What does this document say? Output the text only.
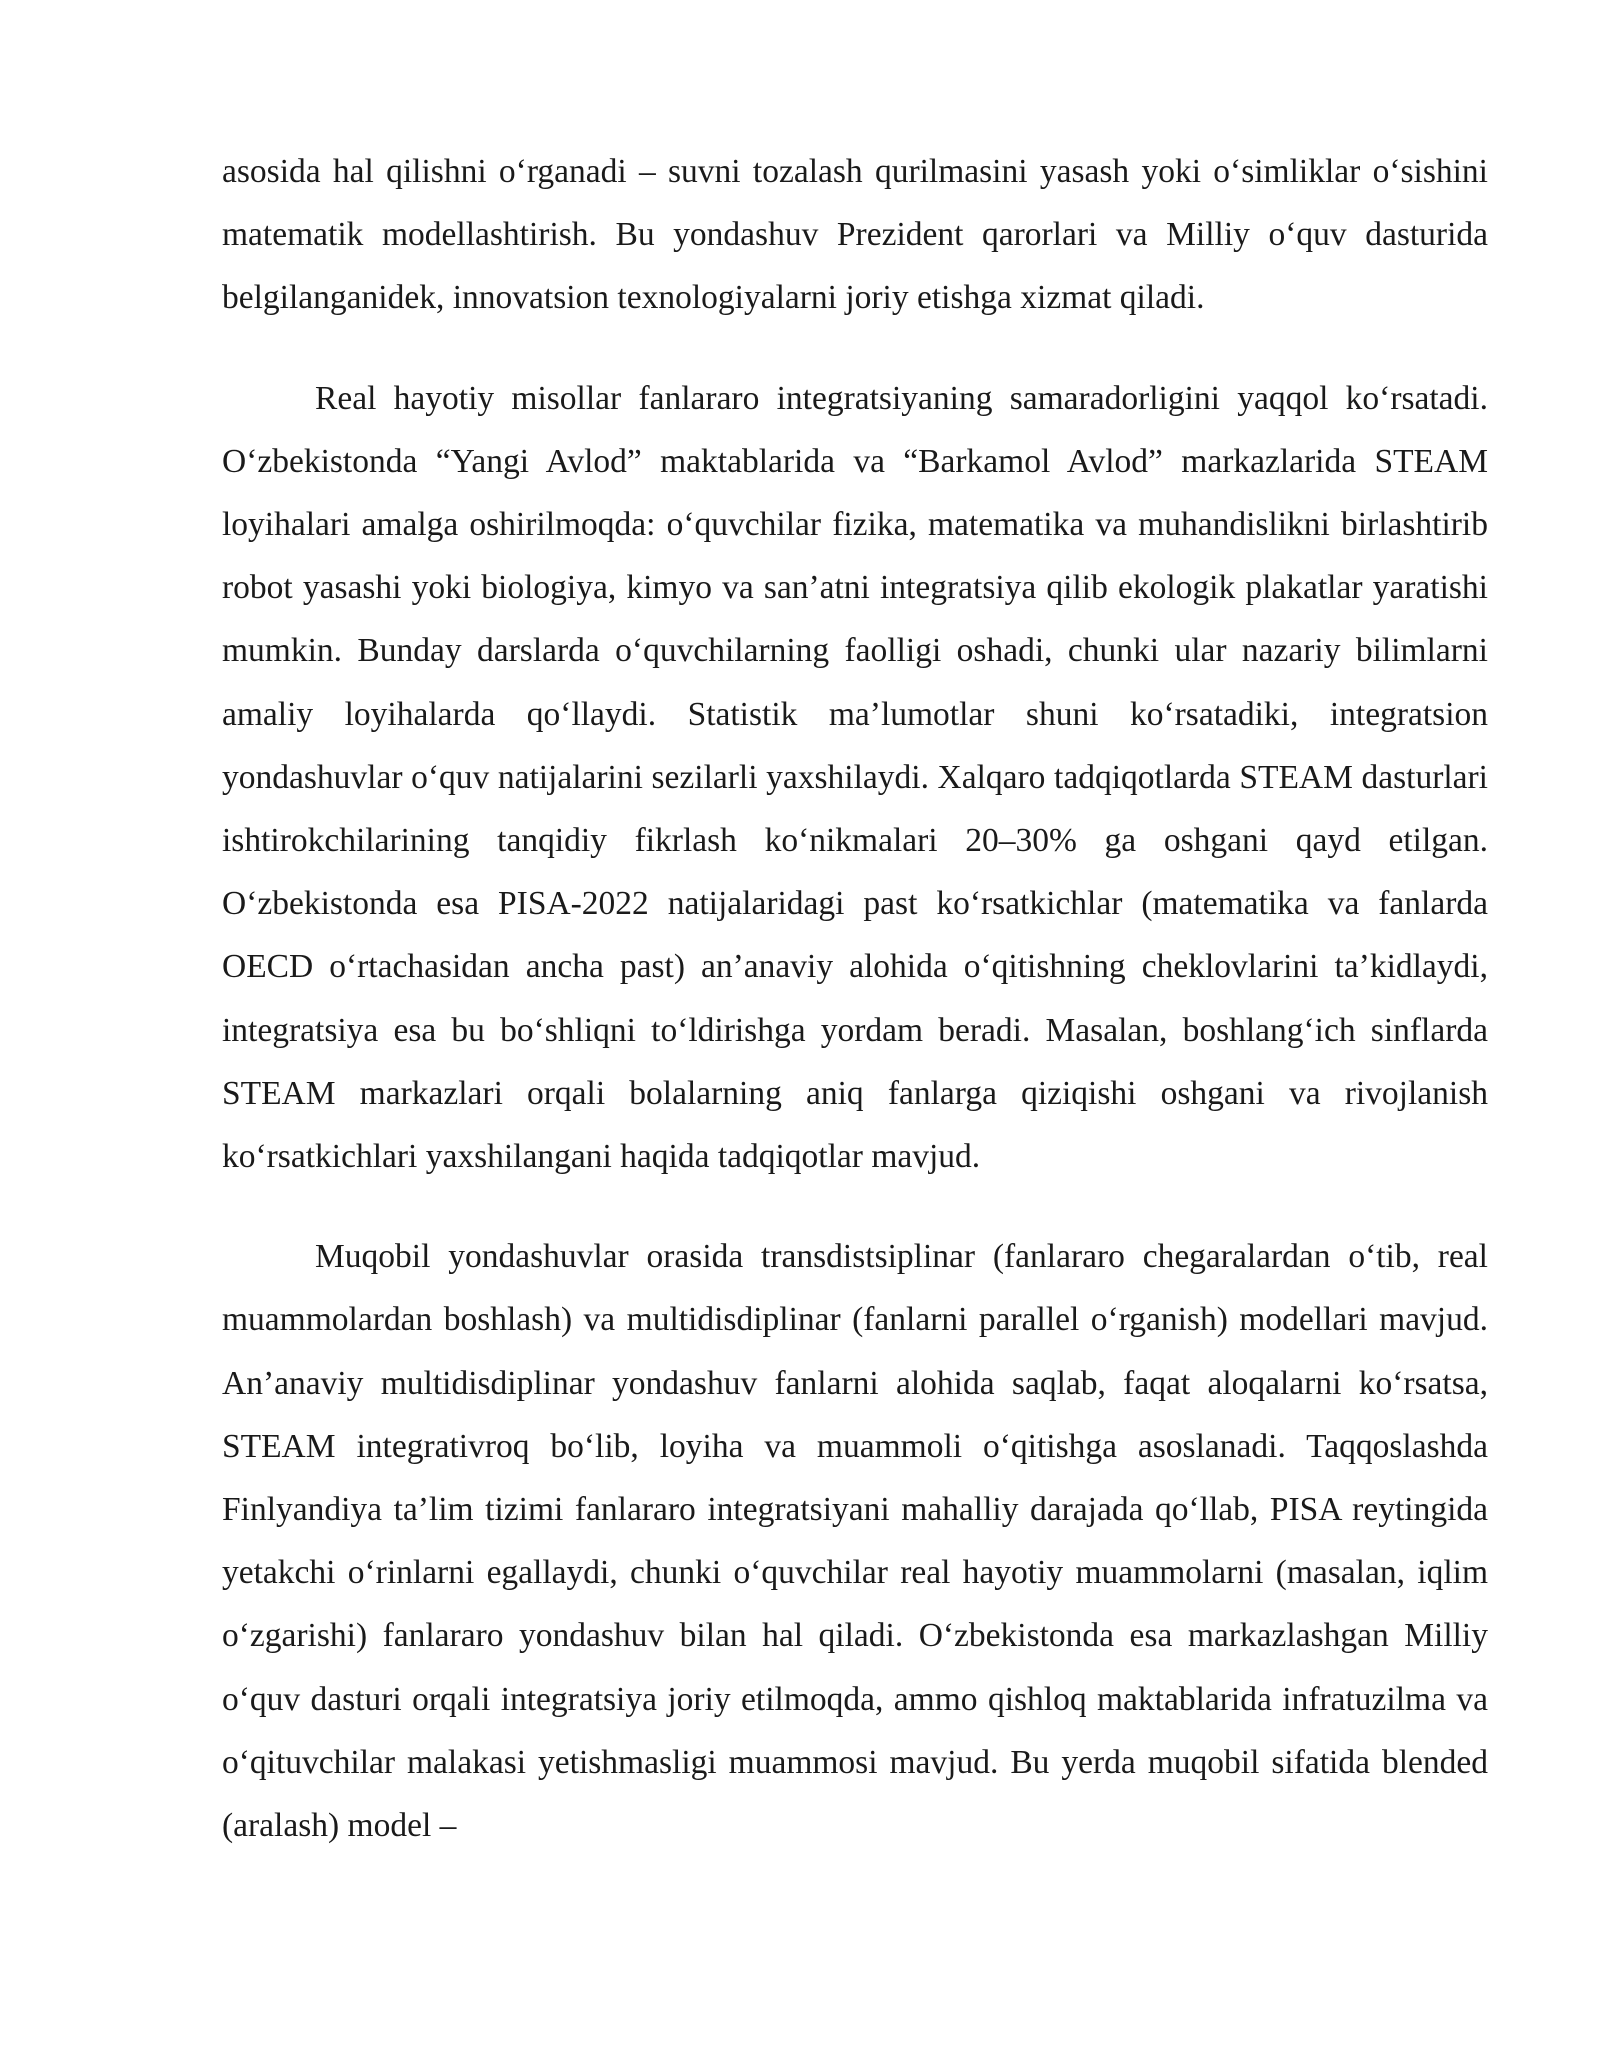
asosida hal qilishni o‘rganadi – suvni tozalash qurilmasini yasash yoki o‘simliklar o‘sishini matematik modellashtirish. Bu yondashuv Prezident qarorlari va Milliy o‘quv dasturida belgilanganidek, innovatsion texnologiyalarni joriy etishga xizmat qiladi.

Real hayotiy misollar fanlararo integratsiyaning samaradorligini yaqqol ko‘rsatadi. O‘zbekistonda “Yangi Avlod” maktablarida va “Barkamol Avlod” markazlarida STEAM loyihalari amalga oshirilmoqda: o‘quvchilar fizika, matematika va muhandislikni birlashtirib robot yasashi yoki biologiya, kimyo va san’atni integratsiya qilib ekologik plakatlar yaratishi mumkin. Bunday darslarda o‘quvchilarning faolligi oshadi, chunki ular nazariy bilimlarni amaliy loyihalarda qo‘llaydi. Statistik ma’lumotlar shuni ko‘rsatadiki, integratsion yondashuvlar o‘quv natijalarini sezilarli yaxshilaydi. Xalqaro tadqiqotlarda STEAM dasturlari ishtirokchilarining tanqidiy fikrlash ko‘nikmalari 20–30% ga oshgani qayd etilgan. O‘zbekistonda esa PISA-2022 natijalaridagi past ko‘rsatkichlar (matematika va fanlarda OECD o‘rtachasidan ancha past) an’anaviy alohida o‘qitishning cheklovlarini ta’kidlaydi, integratsiya esa bu bo‘shliqni to‘ldirishga yordam beradi. Masalan, boshlang‘ich sinflarda STEAM markazlari orqali bolalarning aniq fanlarga qiziqishi oshgani va rivojlanish ko‘rsatkichlari yaxshilangani haqida tadqiqotlar mavjud.

Muqobil yondashuvlar orasida transdistsiplinar (fanlararo chegaralardan o‘tib, real muammolardan boshlash) va multidisdiplinar (fanlarni parallel o‘rganish) modellari mavjud. An’anaviy multidisdiplinar yondashuv fanlarni alohida saqlab, faqat aloqalarni ko‘rsatsa, STEAM integrativroq bo‘lib, loyiha va muammoli o‘qitishga asoslanadi. Taqqoslashda Finlyandiya ta’lim tizimi fanlararo integratsiyani mahalliy darajada qo‘llab, PISA reytingida yetakchi o‘rinlarni egallaydi, chunki o‘quvchilar real hayotiy muammolarni (masalan, iqlim o‘zgarishi) fanlararo yondashuv bilan hal qiladi. O‘zbekistonda esa markazlashgan Milliy o‘quv dasturi orqali integratsiya joriy etilmoqda, ammo qishloq maktablarida infratuzilma va o‘qituvchilar malakasi yetishmasligi muammosi mavjud. Bu yerda muqobil sifatida blended (aralash) model –
